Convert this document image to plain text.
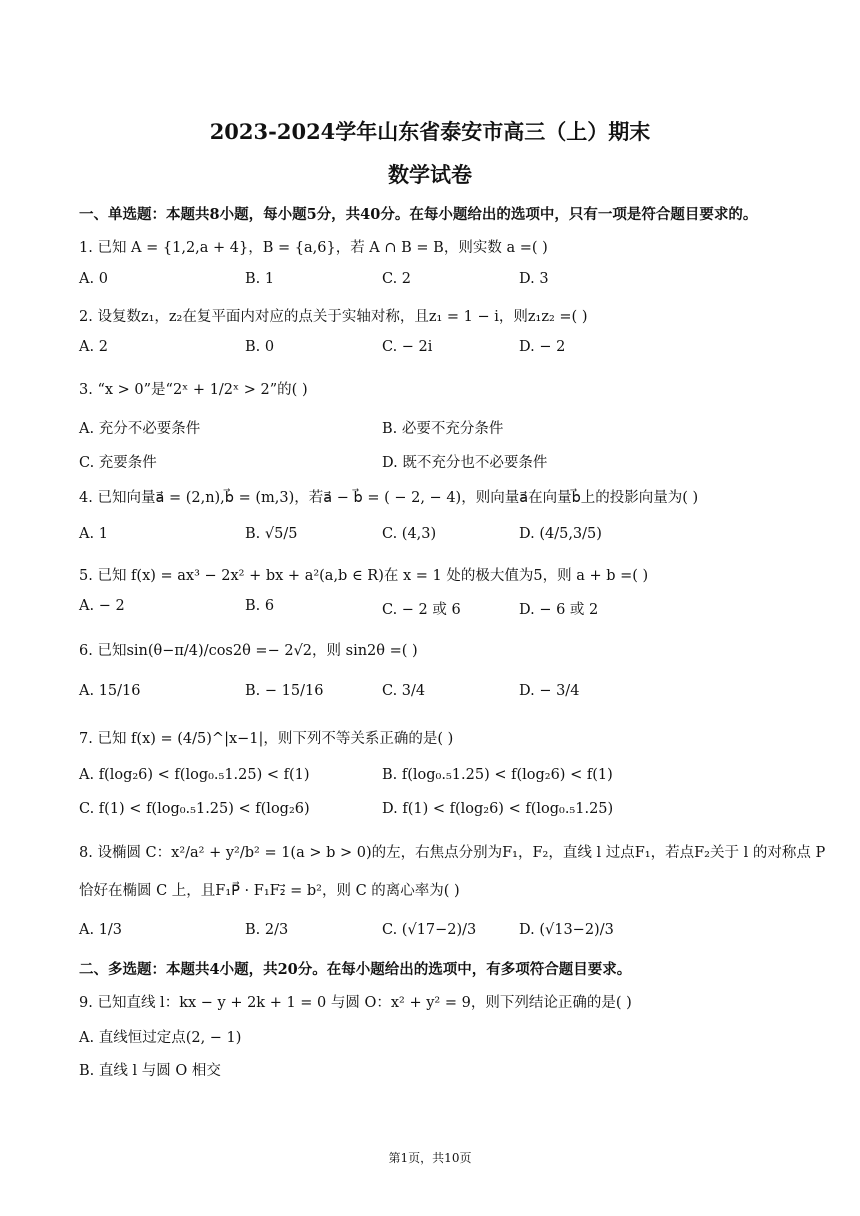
2023-2024学年山东省泰安市高三（上）期末
数学试卷
一、单选题：本题共8小题，每小题5分，共40分。在每小题给出的选项中，只有一项是符合题目要求的。
1. 已知 A = {1,2,a + 4}，B = {a,6}，若 A ∩ B = B，则实数 a =( )
A. 0	B. 1	C. 2	D. 3
2. 设复数z₁，z₂在复平面内对应的点关于实轴对称，且z₁ = 1 − i，则z₁z₂ =( )
A. 2	B. 0	C. − 2i	D. − 2
3. “x > 0”是“2ˣ + 1/2ˣ > 2”的( )
A. 充分不必要条件	B. 必要不充分条件
C. 充要条件	D. 既不充分也不必要条件
4. 已知向量a⃗ = (2,n),b⃗ = (m,3)，若a⃗ − b⃗ = ( − 2, − 4)，则向量a⃗在向量b⃗上的投影向量为( )
A. 1	B. √5/5	C. (4,3)	D. (4/5,3/5)
5. 已知 f(x) = ax³ − 2x² + bx + a²(a,b ∈ R)在 x = 1 处的极大值为5，则 a + b =( )
A. − 2	B. 6	C. − 2 或 6	D. − 6 或 2
6. 已知sin(θ−π/4)/cos2θ =− 2√2，则 sin2θ =( )
A. 15/16	B. − 15/16	C. 3/4	D. − 3/4
7. 已知 f(x) = (4/5)^|x−1|，则下列不等关系正确的是( )
A. f(log₂6) < f(log₀.₅1.25) < f(1)	B. f(log₀.₅1.25) < f(log₂6) < f(1)
C. f(1) < f(log₀.₅1.25) < f(log₂6)	D. f(1) < f(log₂6) < f(log₀.₅1.25)
8. 设椭圆 C：x²/a² + y²/b² = 1(a > b > 0)的左，右焦点分别为F₁，F₂，直线 l 过点F₁，若点F₂关于 l 的对称点 P
恰好在椭圆 C 上，且F₁P⃗ · F₁F₂⃗ = b²，则 C 的离心率为( )
A. 1/3	B. 2/3	C. (√17−2)/3	D. (√13−2)/3
二、多选题：本题共4小题，共20分。在每小题给出的选项中，有多项符合题目要求。
9. 已知直线 l：kx − y + 2k + 1 = 0 与圆 O：x² + y² = 9，则下列结论正确的是( )
A. 直线恒过定点(2, − 1)
B. 直线 l 与圆 O 相交
第1页，共10页
